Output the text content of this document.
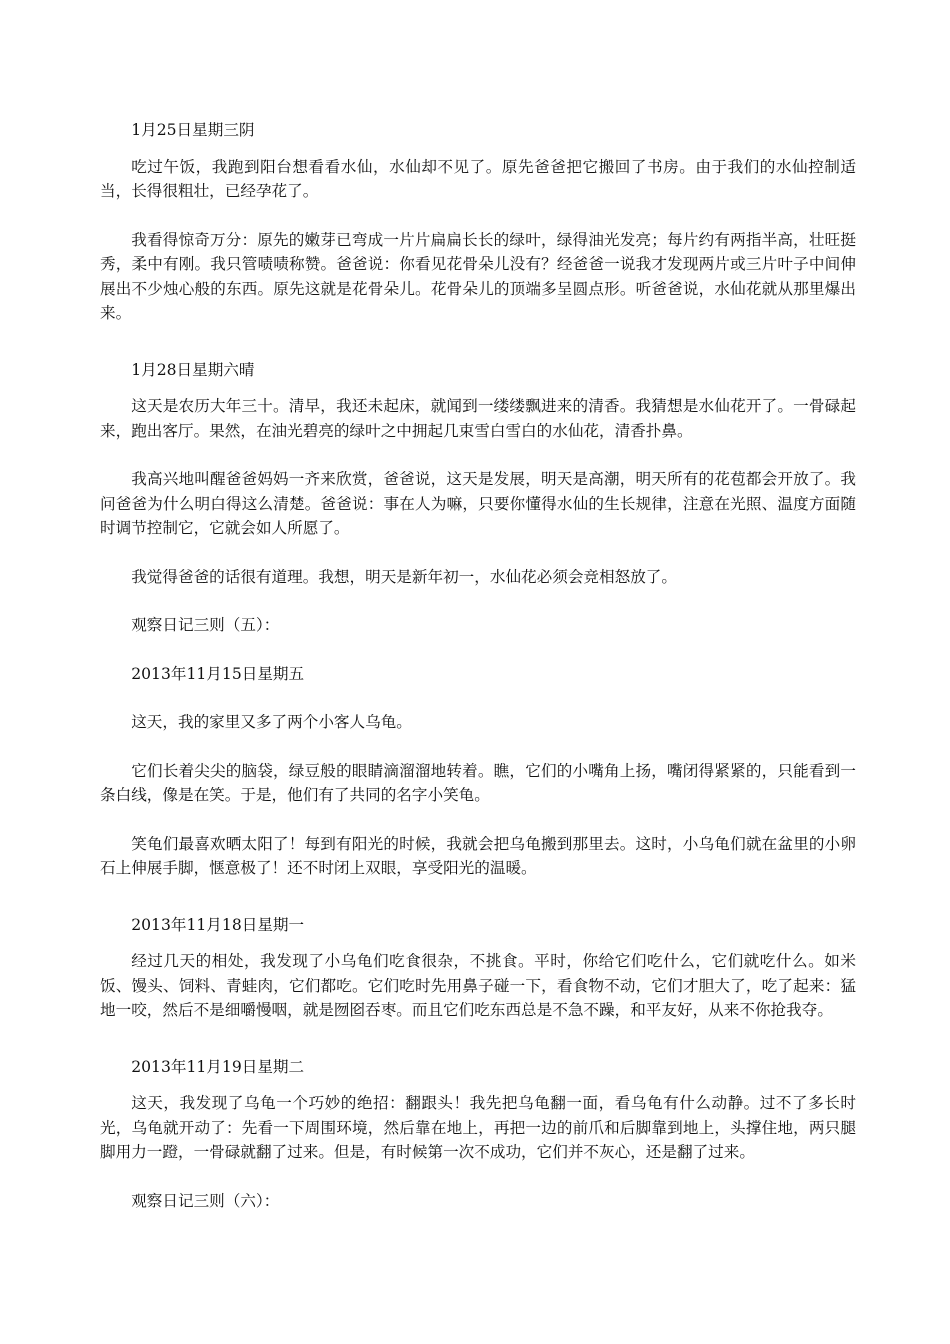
1月25日星期三阴

吃过午饭，我跑到阳台想看看水仙，水仙却不见了。原先爸爸把它搬回了书房。由于我们的水仙控制适当，长得很粗壮，已经孕花了。

我看得惊奇万分：原先的嫩芽已弯成一片片扁扁长长的绿叶，绿得油光发亮；每片约有两指半高，壮旺挺秀，柔中有刚。我只管啧啧称赞。爸爸说：你看见花骨朵儿没有？经爸爸一说我才发现两片或三片叶子中间伸展出不少烛心般的东西。原先这就是花骨朵儿。花骨朵儿的顶端多呈圆点形。听爸爸说，水仙花就从那里爆出来。

1月28日星期六晴

这天是农历大年三十。清早，我还未起床，就闻到一缕缕飘进来的清香。我猜想是水仙花开了。一骨碌起来，跑出客厅。果然，在油光碧亮的绿叶之中拥起几束雪白雪白的水仙花，清香扑鼻。

我高兴地叫醒爸爸妈妈一齐来欣赏，爸爸说，这天是发展，明天是高潮，明天所有的花苞都会开放了。我问爸爸为什么明白得这么清楚。爸爸说：事在人为嘛，只要你懂得水仙的生长规律，注意在光照、温度方面随时调节控制它，它就会如人所愿了。

我觉得爸爸的话很有道理。我想，明天是新年初一，水仙花必须会竞相怒放了。

观察日记三则（五）：

2013年11月15日星期五

这天，我的家里又多了两个小客人乌龟。

它们长着尖尖的脑袋，绿豆般的眼睛滴溜溜地转着。瞧，它们的小嘴角上扬，嘴闭得紧紧的，只能看到一条白线，像是在笑。于是，他们有了共同的名字小笑龟。

笑龟们最喜欢晒太阳了！每到有阳光的时候，我就会把乌龟搬到那里去。这时，小乌龟们就在盆里的小卵石上伸展手脚，惬意极了！还不时闭上双眼，享受阳光的温暖。

2013年11月18日星期一

经过几天的相处，我发现了小乌龟们吃食很杂，不挑食。平时，你给它们吃什么，它们就吃什么。如米饭、馒头、饲料、青蛙肉，它们都吃。它们吃时先用鼻子碰一下，看食物不动，它们才胆大了，吃了起来：猛地一咬，然后不是细嚼慢咽，就是囫囵吞枣。而且它们吃东西总是不急不躁，和平友好，从来不你抢我夺。

2013年11月19日星期二

这天，我发现了乌龟一个巧妙的绝招：翻跟头！我先把乌龟翻一面，看乌龟有什么动静。过不了多长时光，乌龟就开动了：先看一下周围环境，然后靠在地上，再把一边的前爪和后脚靠到地上，头撑住地，两只腿脚用力一蹬，一骨碌就翻了过来。但是，有时候第一次不成功，它们并不灰心，还是翻了过来。

观察日记三则（六）：
